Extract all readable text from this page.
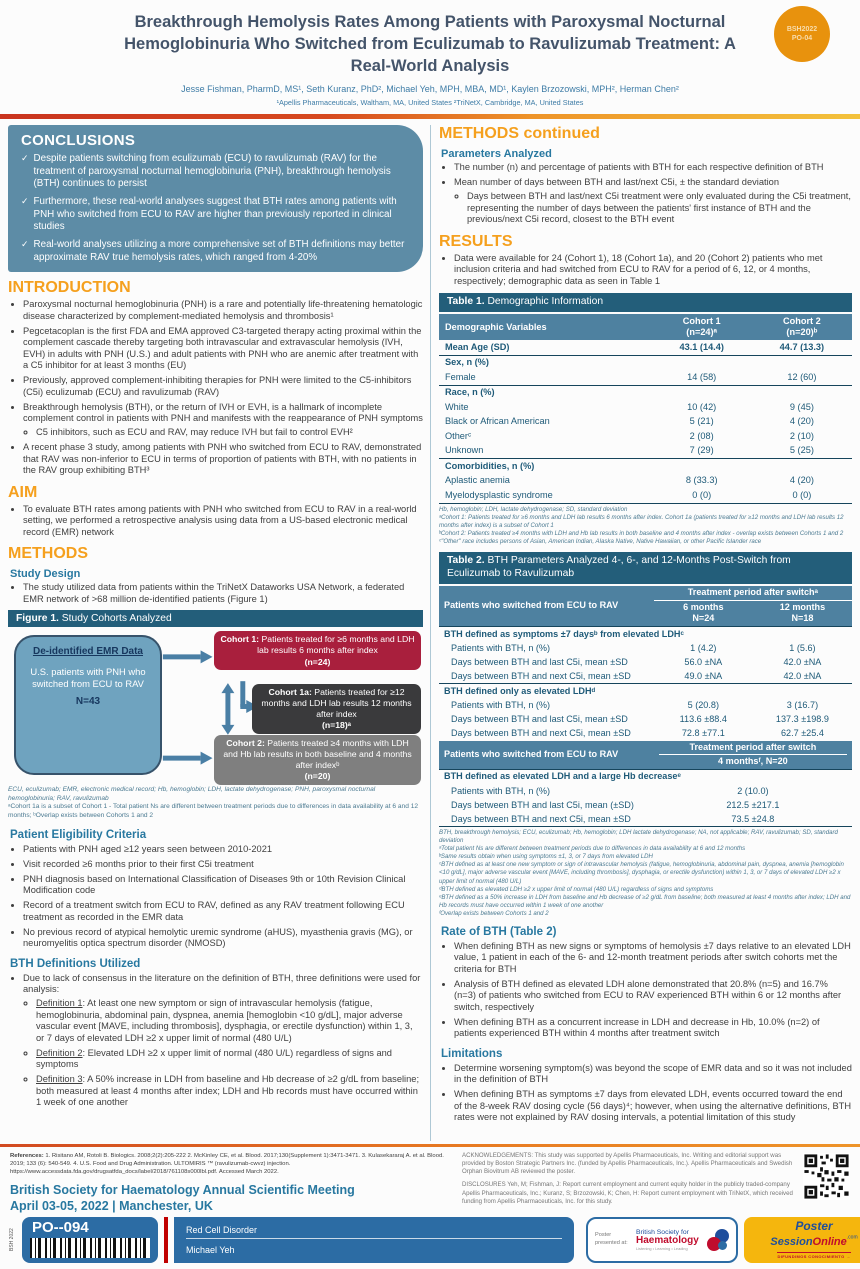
BSH2022
PO-04
Breakthrough Hemolysis Rates Among Patients with Paroxysmal Nocturnal Hemoglobinuria Who Switched from Eculizumab to Ravulizumab Treatment: A Real-World Analysis
Jesse Fishman, PharmD, MS¹, Seth Kuranz, PhD², Michael Yeh, MPH, MBA, MD¹, Kaylen Brzozowski, MPH², Herman Chen²
¹Apellis Pharmaceuticals, Waltham, MA, United States ²TriNetX, Cambridge, MA, United States
CONCLUSIONS
✓ Despite patients switching from eculizumab (ECU) to ravulizumab (RAV) for the treatment of paroxysmal nocturnal hemoglobinuria (PNH), breakthrough hemolysis (BTH) continues to persist
✓ Furthermore, these real-world analyses suggest that BTH rates among patients with PNH who switched from ECU to RAV are higher than previously reported in clinical studies
✓ Real-world analyses utilizing a more comprehensive set of BTH definitions may better approximate RAV true hemolysis rates, which ranged from 4-20%
INTRODUCTION
• Paroxysmal nocturnal hemoglobinuria (PNH) is a rare and potentially life-threatening hematologic disease characterized by complement-mediated hemolysis and thrombosis¹
• Pegcetacoplan is the first FDA and EMA approved C3-targeted therapy acting proximal within the complement cascade thereby targeting both intravascular and extravascular hemolysis (IVH, EVH) in adults with PNH (U.S.) and adult patients with PNH who are anemic after treatment with a C5 inhibitor for at least 3 months (EU)
• Previously, approved complement-inhibiting therapies for PNH were limited to the C5-inhibitors (C5i) eculizumab (ECU) and ravulizumab (RAV)
• Breakthrough hemolysis (BTH), or the return of IVH or EVH, is a hallmark of incomplete complement control in patients with PNH and manifests with the reappearance of PNH symptoms
◦ C5 inhibitors, such as ECU and RAV, may reduce IVH but fail to control EVH²
• A recent phase 3 study, among patients with PNH who switched from ECU to RAV, demonstrated that RAV was non-inferior to ECU in terms of proportion of patients with BTH, with no patients in the RAV group exhibiting BTH³
AIM
• To evaluate BTH rates among patients with PNH who switched from ECU to RAV in a real-world setting, we performed a retrospective analysis using data from a US-based electronic medical record (EMR) network
METHODS
Study Design
• The study utilized data from patients within the TriNetX Dataworks USA Network, a federated EMR network of >68 million de-identified patients (Figure 1)
Figure 1. Study Cohorts Analyzed
De-identified EMR Data
U.S. patients with PNH who switched from ECU to RAV
N=43
Cohort 1: Patients treated for ≥6 months and LDH lab results 6 months after index
(n=24)
Cohort 1a: Patients treated for ≥12 months and LDH lab results 12 months after index
(n=18)ᵃ
Cohort 2: Patients treated ≥4 months with LDH and Hb lab results in both baseline and 4 months after indexᵇ
(n=20)
ECU, eculizumab; EMR, electronic medical record; Hb, hemoglobin; LDH, lactate dehydrogenase; PNH, paroxysmal nocturnal hemoglobinuria; RAV, ravulizumab
ᵃCohort 1a is a subset of Cohort 1 - Total patient Ns are different between treatment periods due to differences in data availability at 6 and 12 months; ᵇOverlap exists between Cohorts 1 and 2
Patient Eligibility Criteria
• Patients with PNH aged ≥12 years seen between 2010-2021
• Visit recorded ≥6 months prior to their first C5i treatment
• PNH diagnosis based on International Classification of Diseases 9th or 10th Revision Clinical Modification code
• Record of a treatment switch from ECU to RAV, defined as any RAV treatment following ECU treatment as recorded in the EMR data
• No previous record of atypical hemolytic uremic syndrome (aHUS), myasthenia gravis (MG), or neuromyelitis optica spectrum disorder (NMOSD)
BTH Definitions Utilized
• Due to lack of consensus in the literature on the definition of BTH, three definitions were used for analysis:
◦ Definition 1: At least one new symptom or sign of intravascular hemolysis (fatigue, hemoglobinuria, abdominal pain, dyspnea, anemia [hemoglobin <10 g/dL], major adverse vascular event [MAVE, including thrombosis], dysphagia, or erectile dysfunction) within 1, 3, or 7 days of elevated LDH ≥2 x upper limit of normal (480 U/L)
◦ Definition 2: Elevated LDH ≥2 x upper limit of normal (480 U/L) regardless of signs and symptoms
◦ Definition 3: A 50% increase in LDH from baseline and Hb decrease of ≥2 g/dL from baseline; both measured at least 4 months after index; LDH and Hb records must have occurred within 1 week of one another
METHODS continued
Parameters Analyzed
• The number (n) and percentage of patients with BTH for each respective definition of BTH
• Mean number of days between BTH and last/next C5i, ± the standard deviation
◦ Days between BTH and last/next C5i treatment were only evaluated during the C5i treatment, representing the number of days between the patients' first instance of BTH and the previous/next C5i record, closest to the BTH event
RESULTS
• Data were available for 24 (Cohort 1), 18 (Cohort 1a), and 20 (Cohort 2) patients who met inclusion criteria and had switched from ECU to RAV for a period of 6, 12, or 4 months, respectively; demographic data as seen in Table 1
Table 1. Demographic Information
Demographic Variables	
Cohort 1
(n=24)ᵃ

Cohort 2
(n=20)ᵇ

Mean Age (SD)	43.1 (14.4)	44.7 (13.3)
Sex, n (%)		
Female	14 (58)	12 (60)
Race, n (%)		
White	10 (42)	9 (45)
Black or African American	5 (21)	4 (20)
Otherᶜ	2 (08)	2 (10)
Unknown	7 (29)	5 (25)
Comorbidities, n (%)		
Aplastic anemia	8 (33.3)	4 (20)
Myelodysplastic syndrome	0 (0)	0 (0)
Hb, hemoglobin; LDH, lactate dehydrogenase; SD, standard deviation
ᵃCohort 1: Patients treated for ≥6 months and LDH lab results 6 months after index. Cohort 1a (patients treated for ≥12 months and LDH lab results 12 months after index) is a subset of Cohort 1
ᵇCohort 2: Patients treated ≥4 months with LDH and Hb lab results in both baseline and 4 months after index - overlap exists between Cohorts 1 and 2
ᶜ"Other" race includes persons of Asian, American Indian, Alaska Native, Native Hawaiian, or other Pacific Islander race
Table 2. BTH Parameters Analyzed 4-, 6-, and 12-Months Post-Switch from Eculizumab to Ravulizumab
Patients who switched from ECU to RAV	Treatment period after switchᵃ	

6 months
N=24

12 months
N=18

BTH defined as symptoms ±7 daysᵇ from elevated LDHᶜ		
Patients with BTH, n (%)	1 (4.2)	1 (5.6)
Days between BTH and last C5i, mean ±SD	56.0 ±NA	42.0 ±NA
Days between BTH and next C5i, mean ±SD	49.0 ±NA	42.0 ±NA
BTH defined only as elevated LDHᵈ		
Patients with BTH, n (%)	5 (20.8)	3 (16.7)
Days between BTH and last C5i, mean ±SD	113.6 ±88.4	137.3 ±198.9
Days between BTH and next C5i, mean ±SD	72.8 ±77.1	62.7 ±25.4
Patients who switched from ECU to RAV	Treatment period after switch
4 monthsᶠ, N=20	

BTH defined as elevated LDH and a large Hb decreaseᵉ		
Patients with BTH, n (%)	2 (10.0)	
Days between BTH and last C5i, mean (±SD)	212.5 ±217.1	
Days between BTH and next C5i, mean ±SD	73.5 ±24.8	
BTH, breakthrough hemolysis; ECU, eculizumab; Hb, hemoglobin; LDH lactate dehydrogenase; NA, not applicable; RAV, ravulizumab; SD, standard deviation
ᵃTotal patient Ns are different between treatment periods due to differences in data availability at 6 and 12 months
ᵇSame results obtain when using symptoms ±1, 3, or 7 days from elevated LDH
ᶜBTH defined as at least one new symptom or sign of intravascular hemolysis (fatigue, hemoglobinuria, abdominal pain, dyspnea, anemia [hemoglobin <10 g/dL], major adverse vascular event [MAVE, including thrombosis], dysphagia, or erectile dysfunction) within 1, 3, or 7 days of elevated LDH ≥2 x upper limit of normal (480 U/L)
ᵈBTH defined as elevated LDH ≥2 x upper limit of normal (480 U/L) regardless of signs and symptoms
ᵉBTH defined as a 50% increase in LDH from baseline and Hb decrease of ≥2 g/dL from baseline; both measured at least 4 months after index; LDH and Hb records must have occurred within 1 week of one another
ᶠOverlap exists between Cohorts 1 and 2
Rate of BTH (Table 2)
• When defining BTH as new signs or symptoms of hemolysis ±7 days relative to an elevated LDH value, 1 patient in each of the 6- and 12-month treatment periods after switch cohorts met the criteria for BTH
• Analysis of BTH defined as elevated LDH alone demonstrated that 20.8% (n=5) and 16.7% (n=3) of patients who switched from ECU to RAV experienced BTH within 6 or 12 months after switch, respectively
• When defining BTH as a concurrent increase in LDH and decrease in Hb, 10.0% (n=2) of patients experienced BTH within 4 months after treatment switch
Limitations
• Determine worsening symptom(s) was beyond the scope of EMR data and so it was not included in the definition of BTH
• When defining BTH as symptoms ±7 days from elevated LDH, events occurred toward the end of the 8-week RAV dosing cycle (56 days)⁴; however, when using the alternative definitions, BTH rates were not explained by RAV dosing intervals, a potential limitation of this study
References: 1. Risitano AM, Rotoli B. Biologics. 2008;2(2):205-222 2. McKinley CE, et al. Blood. 2017;130(Supplement 1):3471-3471. 3. Kulasekararaj A. et al. Blood. 2019; 133 (6): 540-549. 4. U.S. Food and Drug Administration. ULTOMIRIS ™ (ravulizumab-cwvz) injection. https://www.accessdata.fda.gov/drugsatfda_docs/label/2018/761108s000lbl.pdf. Accessed March 2022.
British Society for Haematology Annual Scientific Meeting
April 03-05, 2022 | Manchester, UK
ACKNOWLEDGEMENTS: This study was supported by Apellis Pharmaceuticals, Inc. Writing and editorial support was provided by Boston Strategic Partners Inc. (funded by Apellis Pharmaceuticals, Inc.). Apellis Pharmaceuticals and Swedish Orphan Biovitrum AB reviewed the poster.
DISCLOSURES Yeh, M; Fishman, J: Report current employment and current equity holder in the publicly traded-company Apellis Pharmaceuticals, Inc.; Kuranz, S; Brzozowski, K; Chen, H: Report current employment with TriNetX, which received funding from Apellis Pharmaceuticals, Inc. for this study.
BSH 2022
PO--094	Red Cell Disorder
Michael Yeh
Poster presented at:
British Society for
Haematology
Listening • Learning • Leading
Poster
SessionOnline$^{.com}$
DIFUNDIMOS CONOCIMIENTO →
